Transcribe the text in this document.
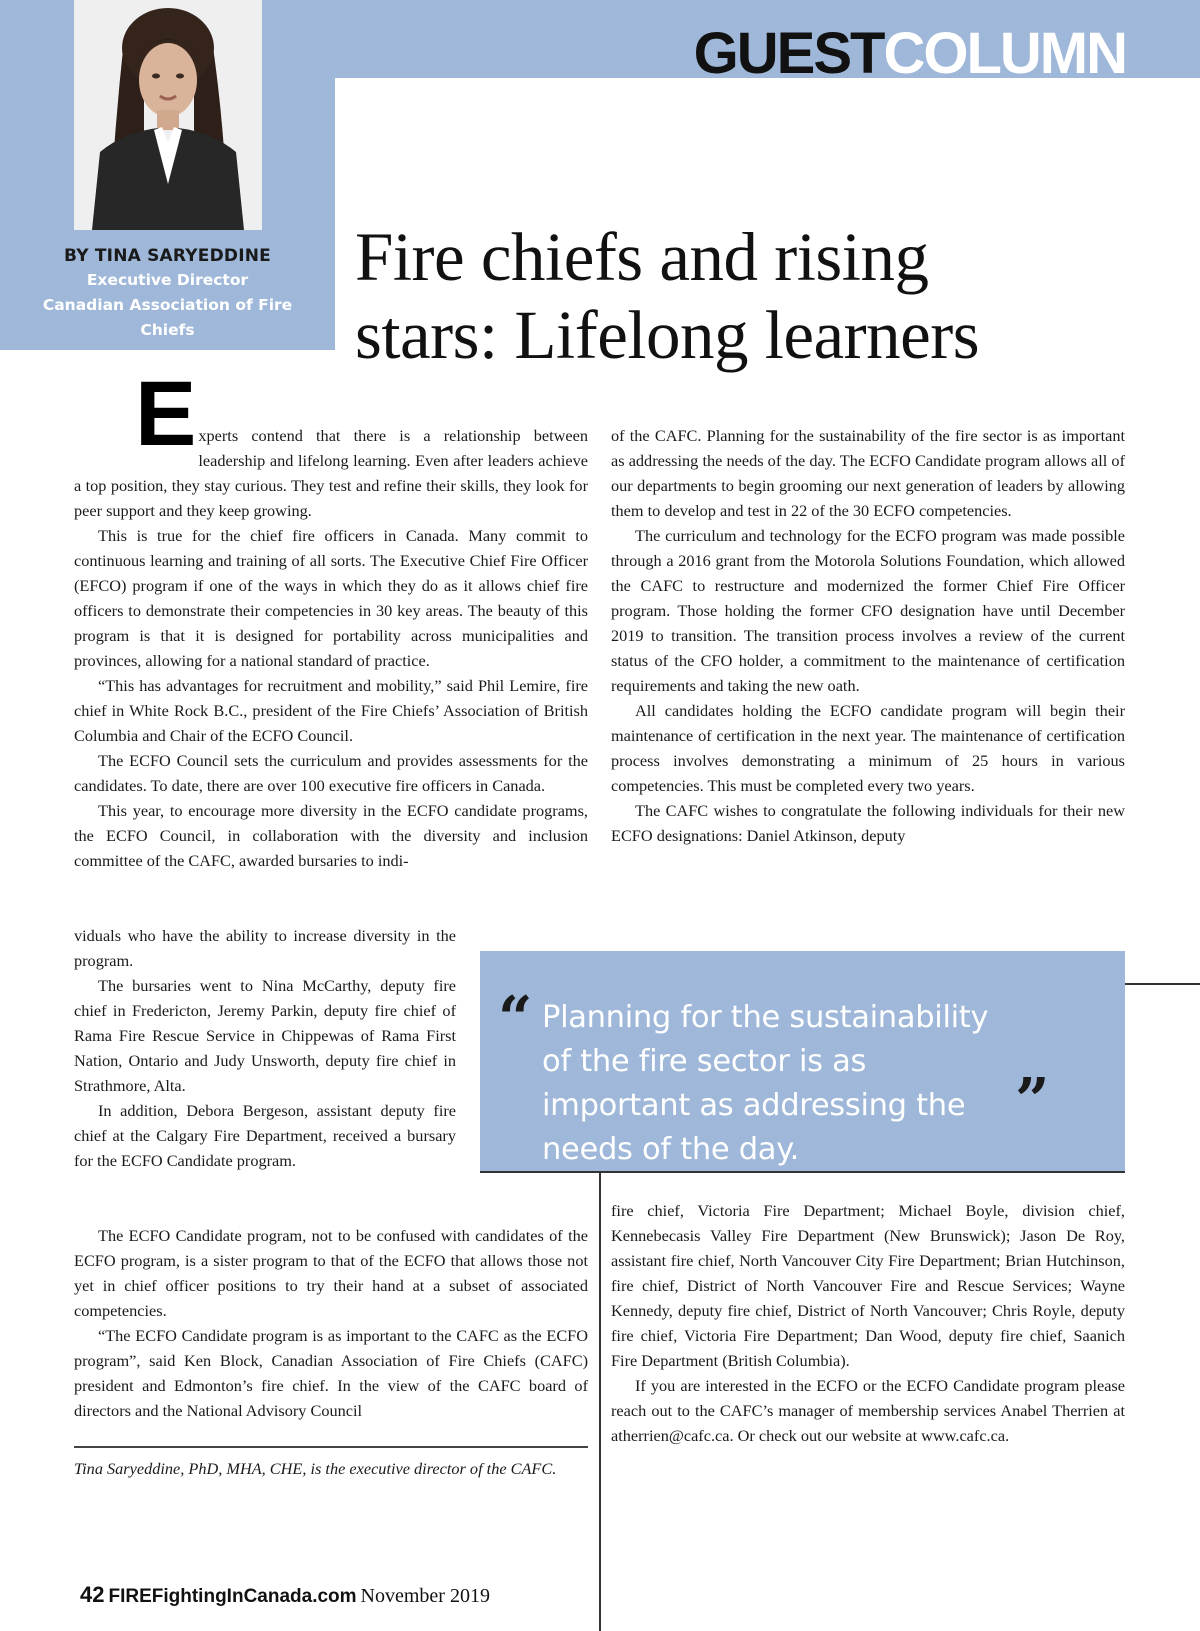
GUESTCOLUMN
BY TINA SARYEDDINE
Executive Director
Canadian Association of Fire Chiefs
Fire chiefs and rising
stars: Lifelong learners

Experts contend that there is a relationship between leadership and lifelong learning. Even after leaders achieve a top position, they stay curious. They test and refine their skills, they look for peer support and they keep growing.

This is true for the chief fire officers in Canada. Many commit to continuous learning and training of all sorts. The Executive Chief Fire Officer (EFCO) program if one of the ways in which they do as it allows chief fire officers to demonstrate their competencies in 30 key areas. The beauty of this program is that it is designed for portability across municipalities and provinces, allowing for a national standard of practice.

“This has advantages for recruitment and mobility,” said Phil Lemire, fire chief in White Rock B.C., president of the Fire Chiefs’ Association of British Columbia and Chair of the ECFO Council.

The ECFO Council sets the curriculum and provides assessments for the candidates. To date, there are over 100 executive fire officers in Canada.

This year, to encourage more diversity in the ECFO candidate programs, the ECFO Council, in collaboration with the diversity and inclusion committee of the CAFC, awarded bursaries to indi-

viduals who have the ability to increase diversity in the program.

The bursaries went to Nina McCarthy, deputy fire chief in Fredericton, Jeremy Parkin, deputy fire chief of Rama Fire Rescue Service in Chippewas of Rama First Nation, Ontario and Judy Unsworth, deputy fire chief in Strathmore, Alta.

In addition, Debora Bergeson, assistant deputy fire chief at the Calgary Fire Department, received a bursary for the ECFO Candidate program.

The ECFO Candidate program, not to be confused with candidates of the ECFO program, is a sister program to that of the ECFO that allows those not yet in chief officer positions to try their hand at a subset of associated competencies.

“The ECFO Candidate program is as important to the CAFC as the ECFO program”, said Ken Block, Canadian Association of Fire Chiefs (CAFC) president and Edmonton’s fire chief. In the view of the CAFC board of directors and the National Advisory Council

of the CAFC. Planning for the sustainability of the fire sector is as important as addressing the needs of the day. The ECFO Candidate program allows all of our departments to begin grooming our next generation of leaders by allowing them to develop and test in 22 of the 30 ECFO competencies.

The curriculum and technology for the ECFO program was made possible through a 2016 grant from the Motorola Solutions Foundation, which allowed the CAFC to restructure and modernized the former Chief Fire Officer program. Those holding the former CFO designation have until December 2019 to transition. The transition process involves a review of the current status of the CFO holder, a commitment to the maintenance of certification requirements and taking the new oath.

All candidates holding the ECFO candidate program will begin their maintenance of certification in the next year. The maintenance of certification process involves demonstrating a minimum of 25 hours in various competencies. This must be completed every two years.

The CAFC wishes to congratulate the following individuals for their new ECFO designations: Daniel Atkinson, deputy

“ Planning for the sustainability of the fire sector is as important as addressing the needs of the day.
”

fire chief, Victoria Fire Department; Michael Boyle, division chief, Kennebecasis Valley Fire Department (New Brunswick); Jason De Roy, assistant fire chief, North Vancouver City Fire Department; Brian Hutchinson, fire chief, District of North Vancouver Fire and Rescue Services; Wayne Kennedy, deputy fire chief, District of North Vancouver; Chris Royle, deputy fire chief, Victoria Fire Department; Dan Wood, deputy fire chief, Saanich Fire Department (British Columbia).

If you are interested in the ECFO or the ECFO Candidate program please reach out to the CAFC’s manager of membership services Anabel Therrien at atherrien@cafc.ca. Or check out our website at www.cafc.ca.

Tina Saryeddine, PhD, MHA, CHE, is the executive director of the CAFC.
42 FIREFightingInCanada.com November 2019
